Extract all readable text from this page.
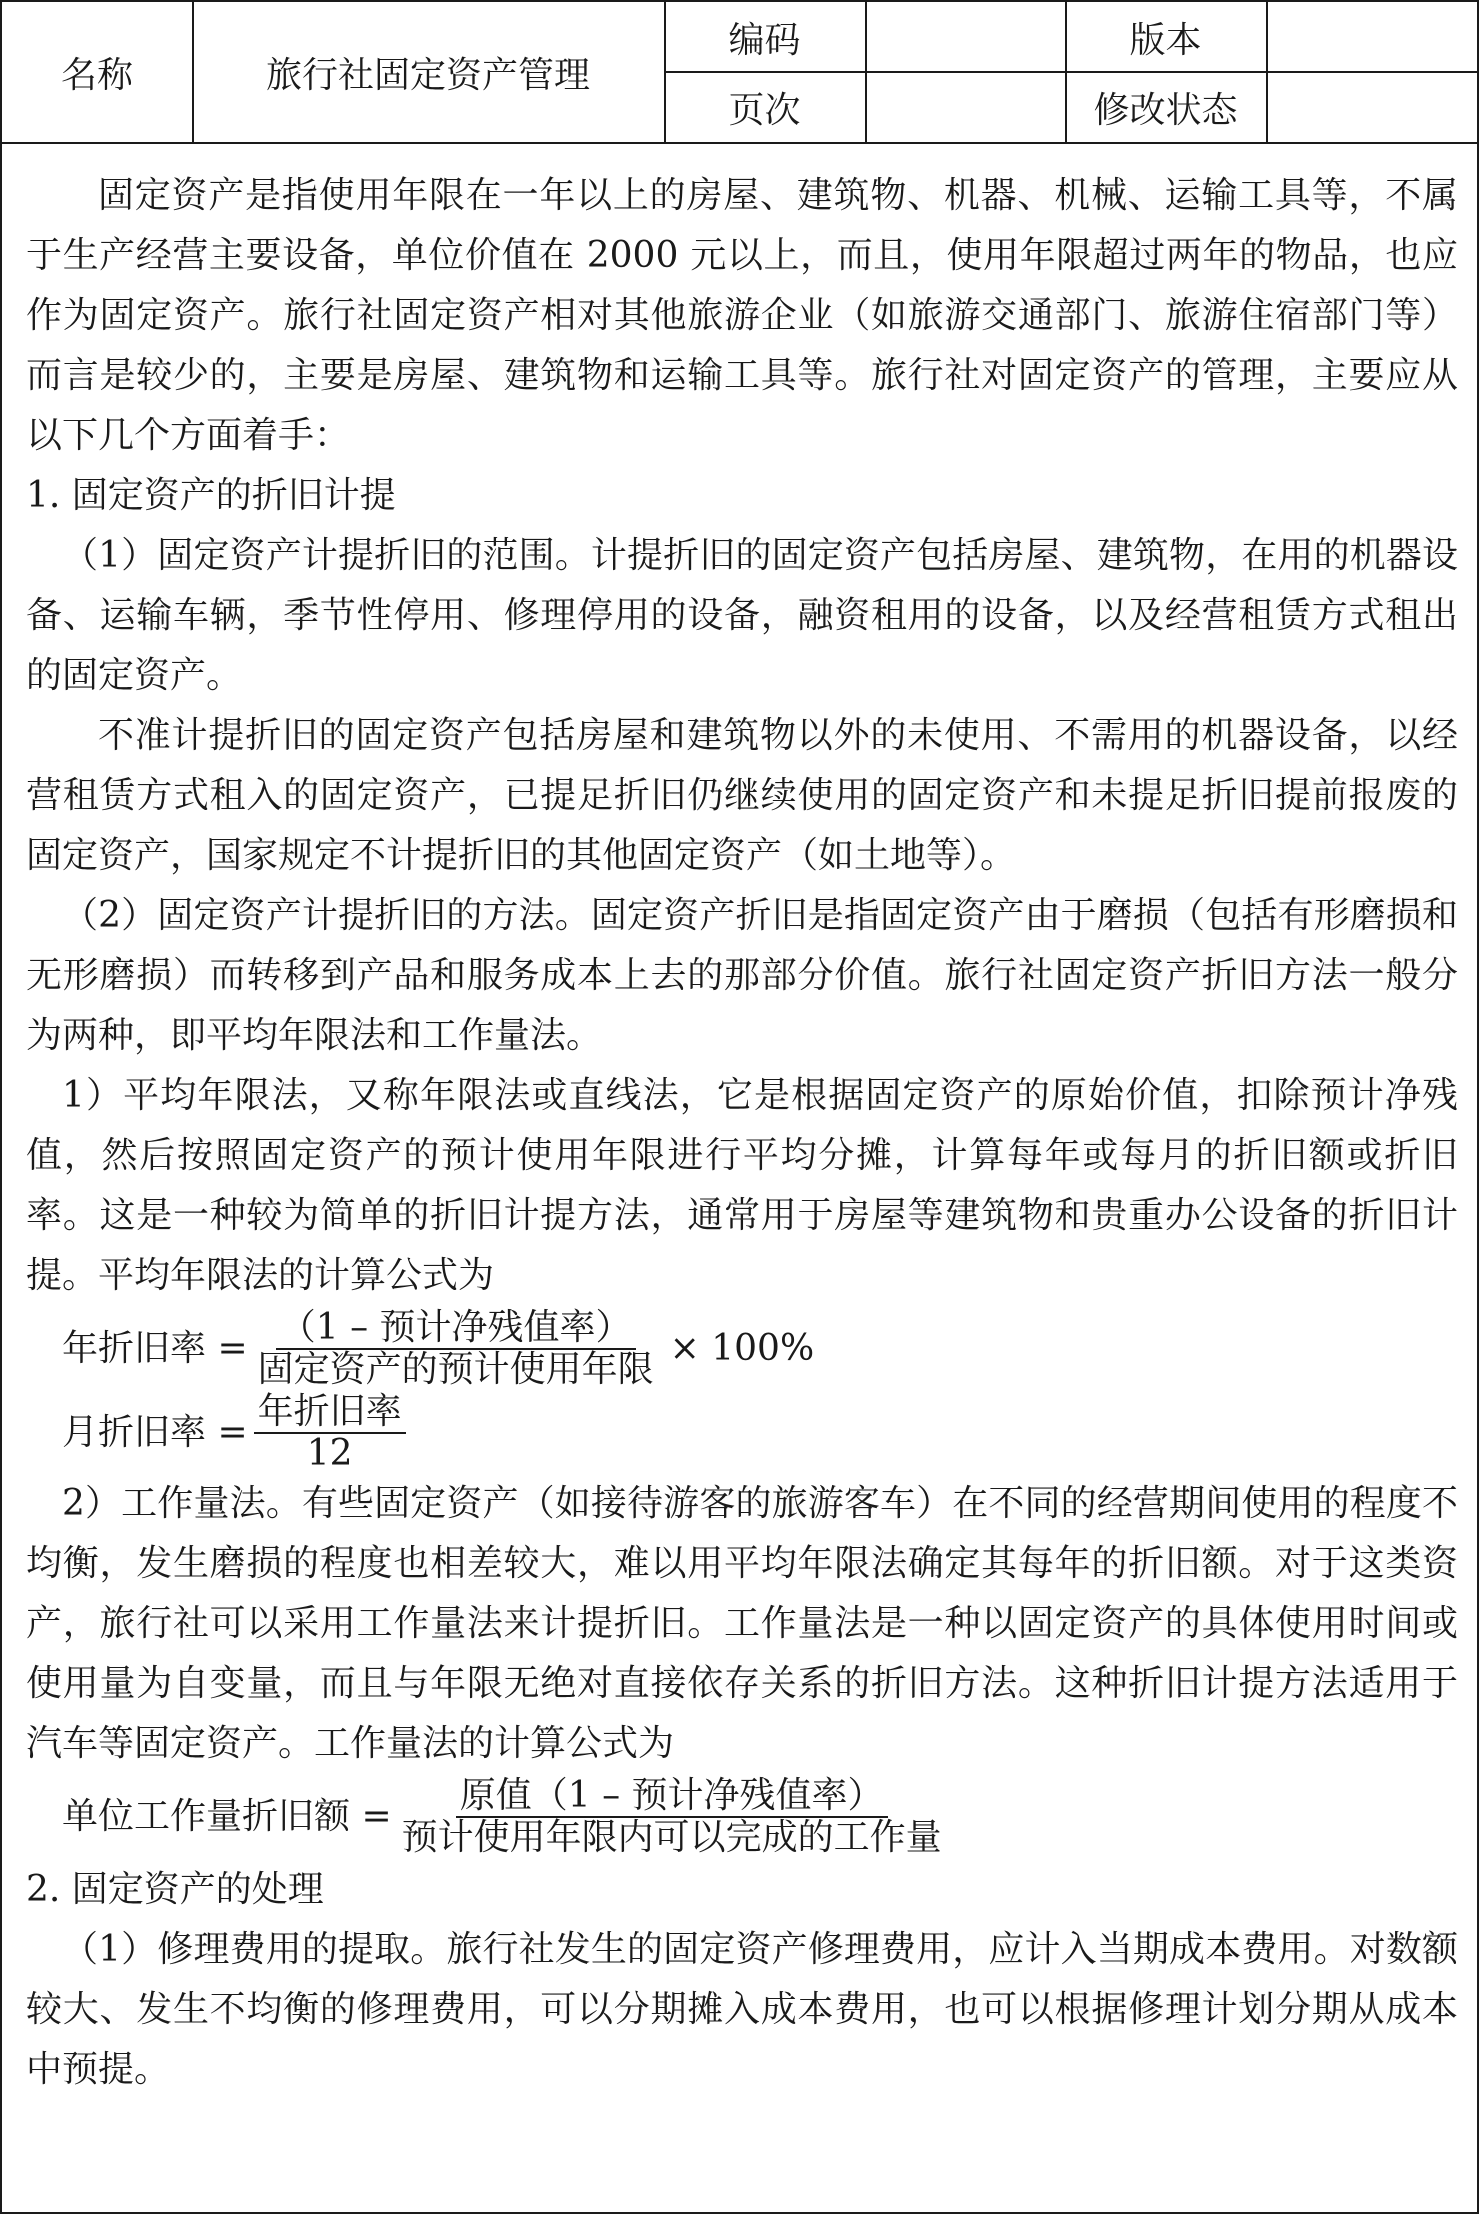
名称	旅行社固定资产管理
编码	版本
页次	修改状态

固定资产是指使用年限在一年以上的房屋、建筑物、机器、机械、运输工具等，不属于生产经营主要设备，单位价值在 2000 元以上，而且，使用年限超过两年的物品，也应作为固定资产。旅行社固定资产相对其他旅游企业（如旅游交通部门、旅游住宿部门等）而言是较少的，主要是房屋、建筑物和运输工具等。旅行社对固定资产的管理，主要应从以下几个方面着手：

1. 固定资产的折旧计提

（1）固定资产计提折旧的范围。计提折旧的固定资产包括房屋、建筑物，在用的机器设备、运输车辆，季节性停用、修理停用的设备，融资租用的设备，以及经营租赁方式租出的固定资产。

不准计提折旧的固定资产包括房屋和建筑物以外的未使用、不需用的机器设备，以经营租赁方式租入的固定资产，已提足折旧仍继续使用的固定资产和未提足折旧提前报废的固定资产，国家规定不计提折旧的其他固定资产（如土地等）。

（2）固定资产计提折旧的方法。固定资产折旧是指固定资产由于磨损（包括有形磨损和无形磨损）而转移到产品和服务成本上去的那部分价值。旅行社固定资产折旧方法一般分为两种，即平均年限法和工作量法。

1）平均年限法，又称年限法或直线法，它是根据固定资产的原始价值，扣除预计净残值，然后按照固定资产的预计使用年限进行平均分摊，计算每年或每月的折旧额或折旧率。这是一种较为简单的折旧计提方法，通常用于房屋等建筑物和贵重办公设备的折旧计提。平均年限法的计算公式为

年折旧率 = $\frac{\text{（1 – 预计净残值率）}}{\text{固定资产的预计使用年限}} \times 100\%$
月折旧率 = $\frac{\text{年折旧率}}{12}$

2）工作量法。有些固定资产（如接待游客的旅游客车）在不同的经营期间使用的程度不均衡，发生磨损的程度也相差较大，难以用平均年限法确定其每年的折旧额。对于这类资产，旅行社可以采用工作量法来计提折旧。工作量法是一种以固定资产的具体使用时间或使用量为自变量，而且与年限无绝对直接依存关系的折旧方法。这种折旧计提方法适用于汽车等固定资产。工作量法的计算公式为

单位工作量折旧额 = $\frac{\text{原值（1 – 预计净残值率）}}{\text{预计使用年限内可以完成的工作量}}$

2. 固定资产的处理

（1）修理费用的提取。旅行社发生的固定资产修理费用，应计入当期成本费用。对数额较大、发生不均衡的修理费用，可以分期摊入成本费用，也可以根据修理计划分期从成本中预提。
